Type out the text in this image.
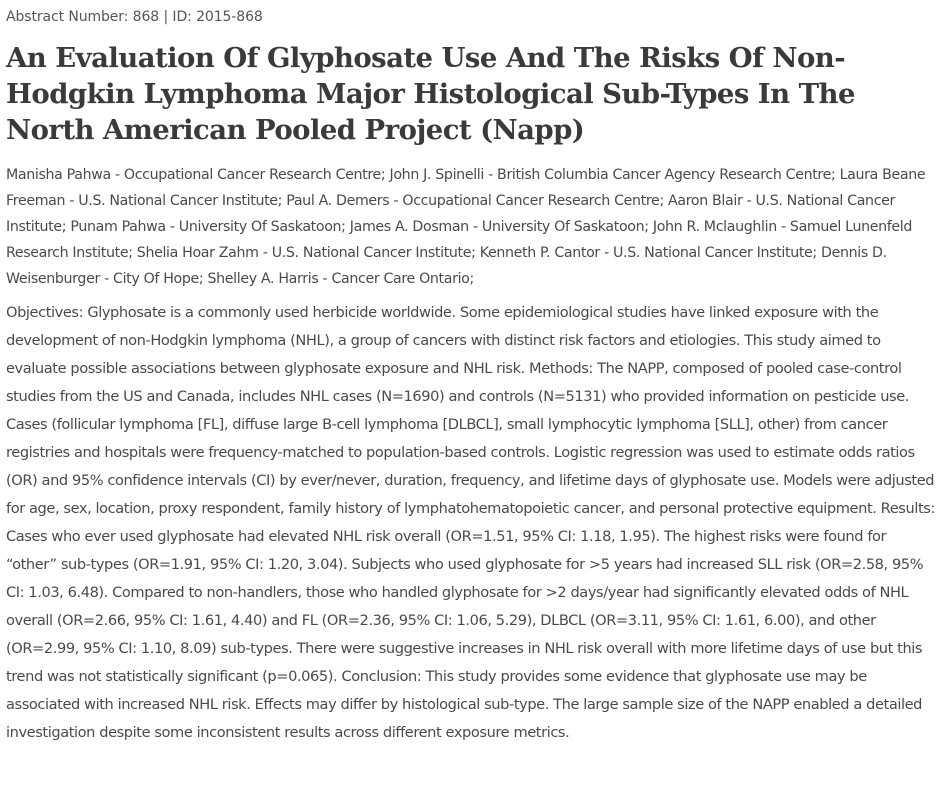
Abstract Number: 868 | ID: 2015-868

An Evaluation Of Glyphosate Use And The Risks Of Non-Hodgkin Lymphoma Major Histological Sub-Types In The North American Pooled Project (Napp)

Manisha Pahwa - Occupational Cancer Research Centre; John J. Spinelli - British Columbia Cancer Agency Research Centre; Laura Beane Freeman - U.S. National Cancer Institute; Paul A. Demers - Occupational Cancer Research Centre; Aaron Blair - U.S. National Cancer Institute; Punam Pahwa - University Of Saskatoon; James A. Dosman - University Of Saskatoon; John R. Mclaughlin - Samuel Lunenfeld Research Institute; Shelia Hoar Zahm - U.S. National Cancer Institute; Kenneth P. Cantor - U.S. National Cancer Institute; Dennis D. Weisenburger - City Of Hope; Shelley A. Harris - Cancer Care Ontario;

Objectives: Glyphosate is a commonly used herbicide worldwide. Some epidemiological studies have linked exposure with the development of non-Hodgkin lymphoma (NHL), a group of cancers with distinct risk factors and etiologies. This study aimed to evaluate possible associations between glyphosate exposure and NHL risk. Methods: The NAPP, composed of pooled case-control studies from the US and Canada, includes NHL cases (N=1690) and controls (N=5131) who provided information on pesticide use. Cases (follicular lymphoma [FL], diffuse large B-cell lymphoma [DLBCL], small lymphocytic lymphoma [SLL], other) from cancer registries and hospitals were frequency-matched to population-based controls. Logistic regression was used to estimate odds ratios (OR) and 95% confidence intervals (CI) by ever/never, duration, frequency, and lifetime days of glyphosate use. Models were adjusted for age, sex, location, proxy respondent, family history of lymphatohematopoietic cancer, and personal protective equipment. Results: Cases who ever used glyphosate had elevated NHL risk overall (OR=1.51, 95% CI: 1.18, 1.95). The highest risks were found for “other” sub-types (OR=1.91, 95% CI: 1.20, 3.04). Subjects who used glyphosate for >5 years had increased SLL risk (OR=2.58, 95% CI: 1.03, 6.48). Compared to non-handlers, those who handled glyphosate for >2 days/year had significantly elevated odds of NHL overall (OR=2.66, 95% CI: 1.61, 4.40) and FL (OR=2.36, 95% CI: 1.06, 5.29), DLBCL (OR=3.11, 95% CI: 1.61, 6.00), and other (OR=2.99, 95% CI: 1.10, 8.09) sub-types. There were suggestive increases in NHL risk overall with more lifetime days of use but this trend was not statistically significant (p=0.065). Conclusion: This study provides some evidence that glyphosate use may be associated with increased NHL risk. Effects may differ by histological sub-type. The large sample size of the NAPP enabled a detailed investigation despite some inconsistent results across different exposure metrics.
